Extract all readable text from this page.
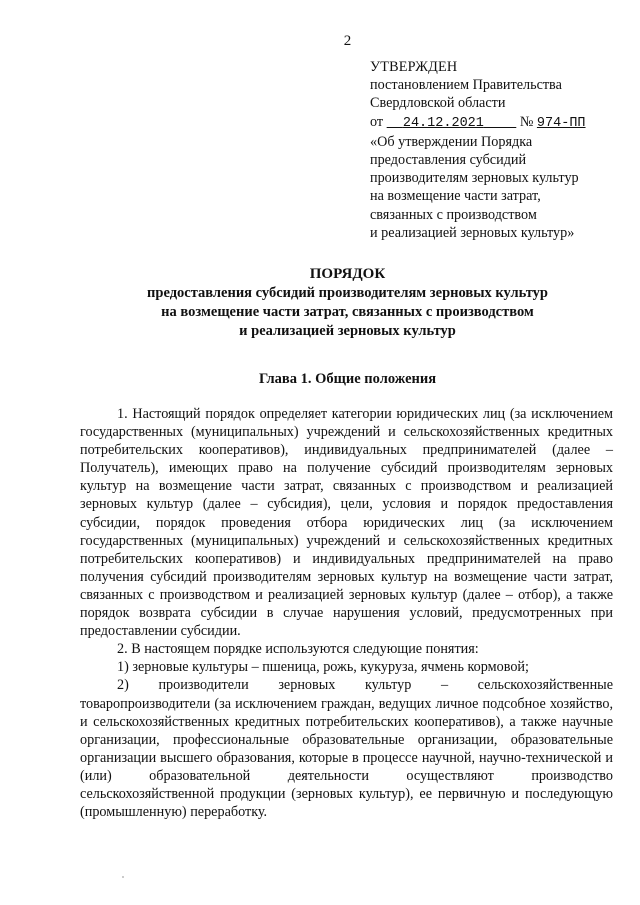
2
УТВЕРЖДЕН
постановлением Правительства
Свердловской области
от 24.12.2021	№ 974-ПП
«Об утверждении Порядка
предоставления субсидий
производителям зерновых культур
на возмещение части затрат,
связанных с производством
и реализацией зерновых культур»
ПОРЯДОК
предоставления субсидий производителям зерновых культур
на возмещение части затрат, связанных с производством
и реализацией зерновых культур
Глава 1. Общие положения

1. Настоящий порядок определяет категории юридических лиц (за исключением государственных (муниципальных) учреждений и сельскохозяйственных кредитных потребительских кооперативов), индивидуальных предпринимателей (далее – Получатель), имеющих право на получение субсидий производителям зерновых культур на возмещение части затрат, связанных с производством и реализацией зерновых культур (далее – субсидия), цели, условия и порядок предоставления субсидии, порядок проведения отбора юридических лиц (за исключением государственных (муниципальных) учреждений и сельскохозяйственных кредитных потребительских кооперативов) и индивидуальных предпринимателей на право получения субсидий производителям зерновых культур на возмещение части затрат, связанных с производством и реализацией зерновых культур (далее – отбор), а также порядок возврата субсидии в случае нарушения условий, предусмотренных при предоставлении субсидии.

2. В настоящем порядке используются следующие понятия:

1) зерновые культуры – пшеница, рожь, кукуруза, ячмень кормовой;

2) производители зерновых культур – сельскохозяйственные товаропроизводители (за исключением граждан, ведущих личное подсобное хозяйство, и сельскохозяйственных кредитных потребительских кооперативов), а также научные организации, профессиональные образовательные организации, образовательные организации высшего образования, которые в процессе научной, научно-технической и (или) образовательной деятельности осуществляют производство сельскохозяйственной продукции (зерновых культур), ее первичную и последующую (промышленную) переработку.
